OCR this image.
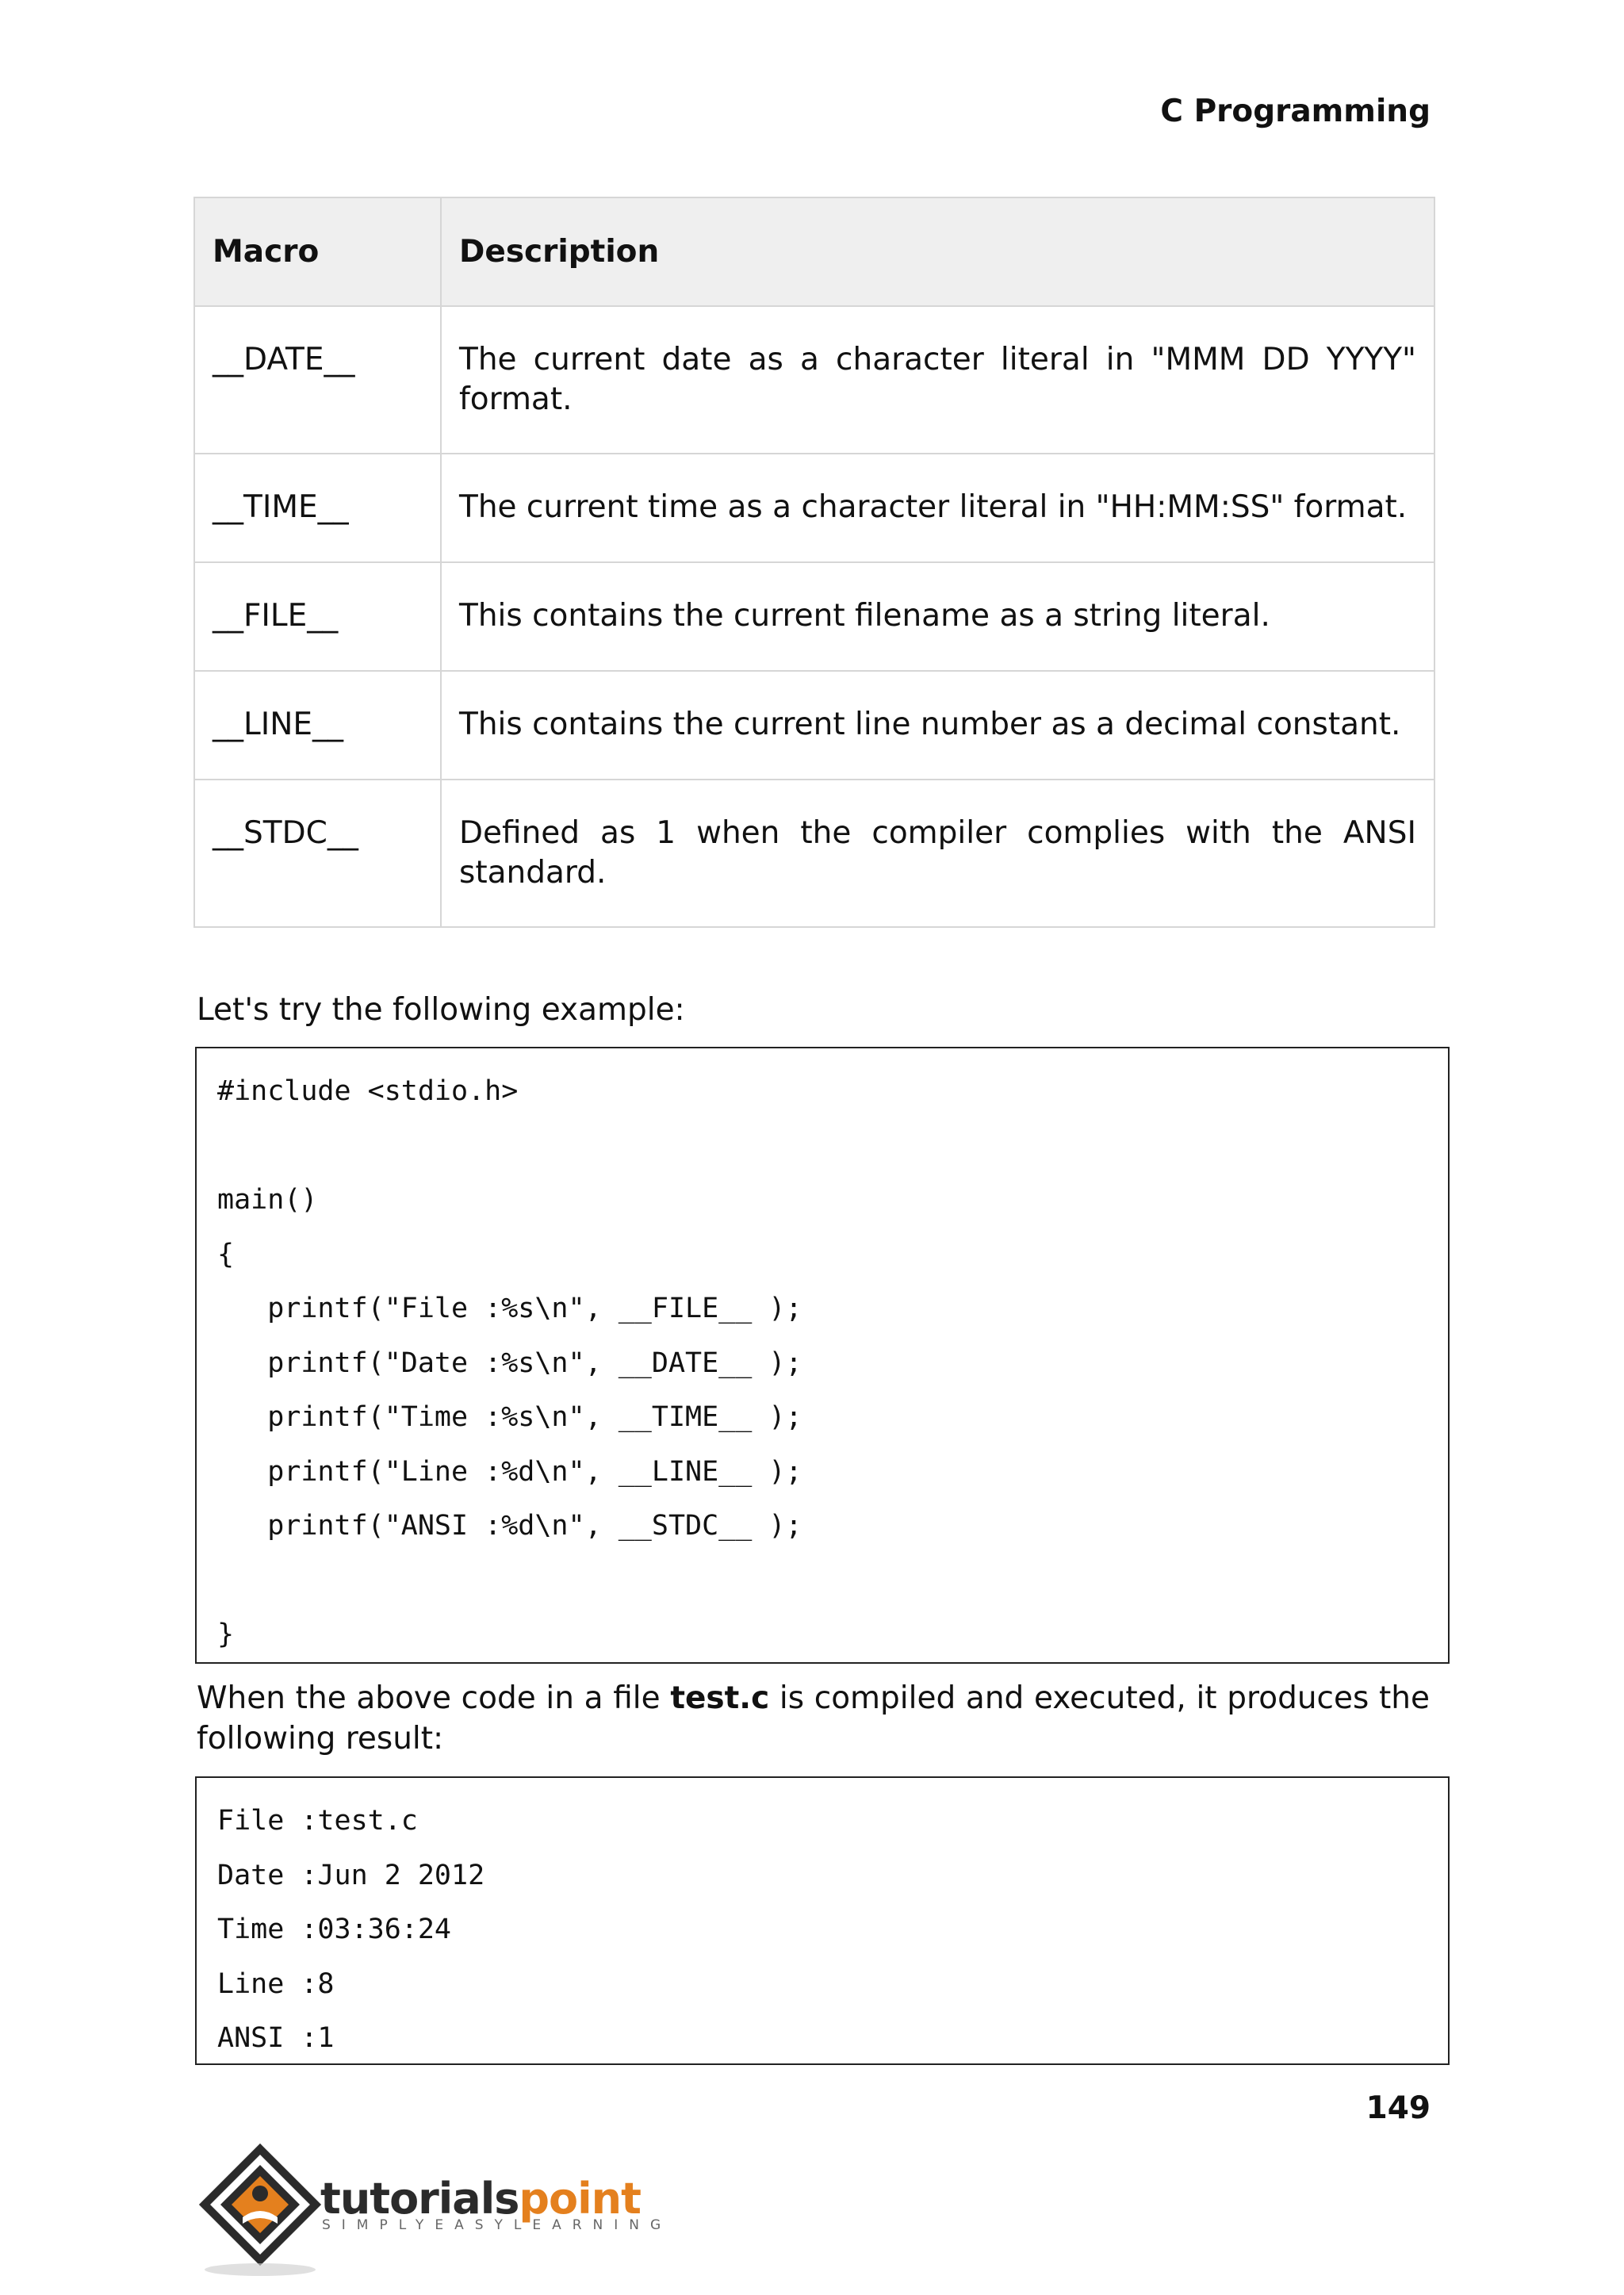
C Programming
Macro	Description
__DATE__	The current date as a character literal in "MMM DD YYYY" format.
__TIME__	The current time as a character literal in "HH:MM:SS" format.
__FILE__	This contains the current filename as a string literal.
__LINE__	This contains the current line number as a decimal constant.
__STDC__	Defined as 1 when the compiler complies with the ANSI standard.
Let's try the following example:
#include <stdio.h>
main()
{
printf("File :%s\n", __FILE__ );
printf("Date :%s\n", __DATE__ );
printf("Time :%s\n", __TIME__ );
printf("Line :%d\n", __LINE__ );
printf("ANSI :%d\n", __STDC__ );
}
When the above code in a file test.c is compiled and executed, it produces the following result:
File :test.c
Date :Jun 2 2012
Time :03:36:24
Line :8
ANSI :1
149
tutorialspoint
SIMPLYEASYLEARNING
